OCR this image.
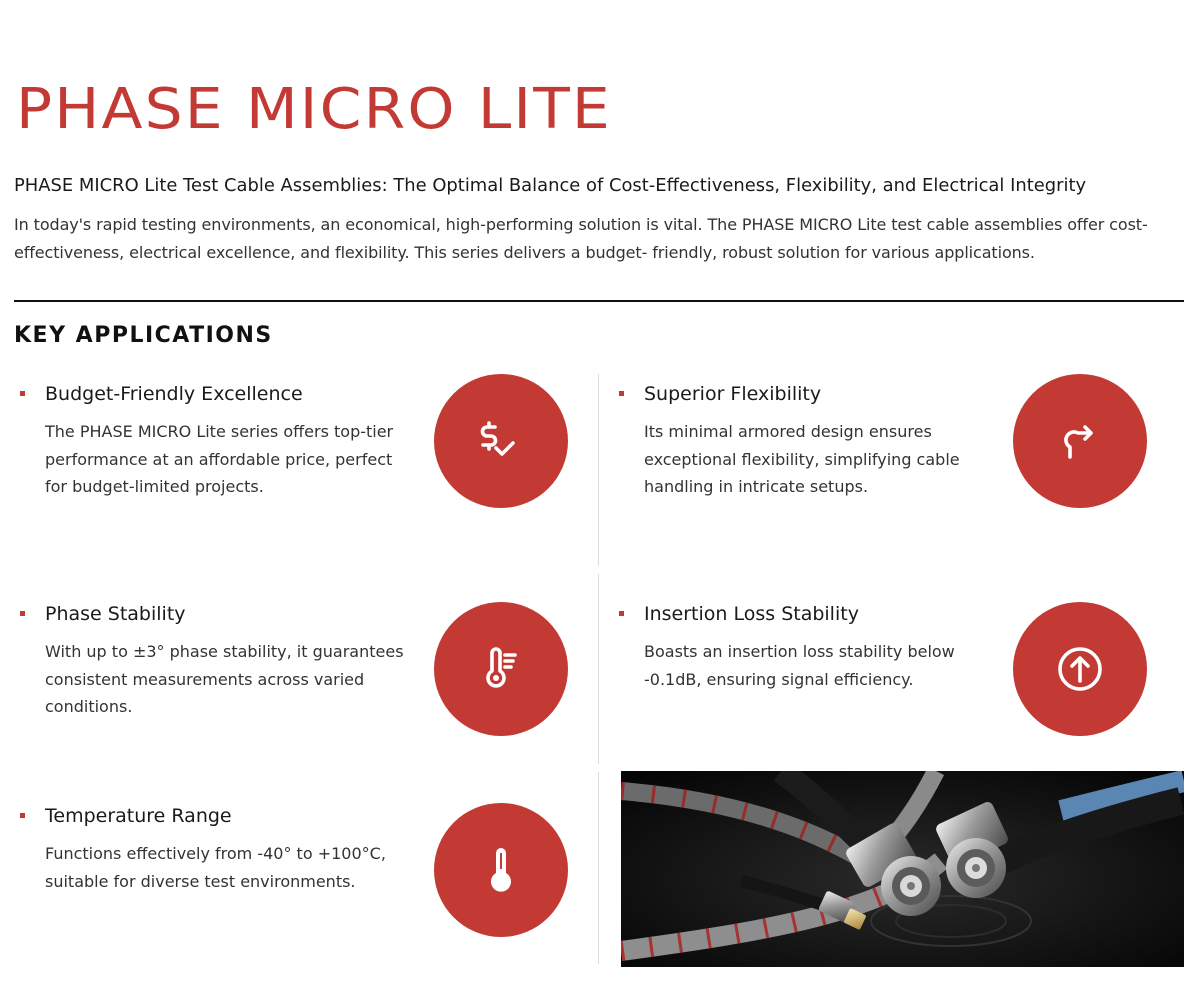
PHASE MICRO LITE
PHASE MICRO Lite Test Cable Assemblies: The Optimal Balance of Cost-Effectiveness, Flexibility, and Electrical Integrity

In today's rapid testing environments, an economical, high-performing solution is vital. The PHASE MICRO Lite test cable assemblies offer cost-effectiveness, electrical excellence, and flexibility. This series delivers a budget- friendly, robust solution for various applications.

KEY APPLICATIONS
Budget-Friendly Excellence

The PHASE MICRO Lite series offers top-tier performance at an affordable price, perfect for budget-limited projects.

Superior Flexibility

Its minimal armored design ensures exceptional flexibility, simplifying cable handling in intricate setups.

Phase Stability

With up to ±3° phase stability, it guarantees consistent measurements across varied conditions.

Insertion Loss Stability

Boasts an insertion loss stability below -0.1dB, ensuring signal efficiency.

Temperature Range

Functions effectively from -40° to +100°C, suitable for diverse test environments.
